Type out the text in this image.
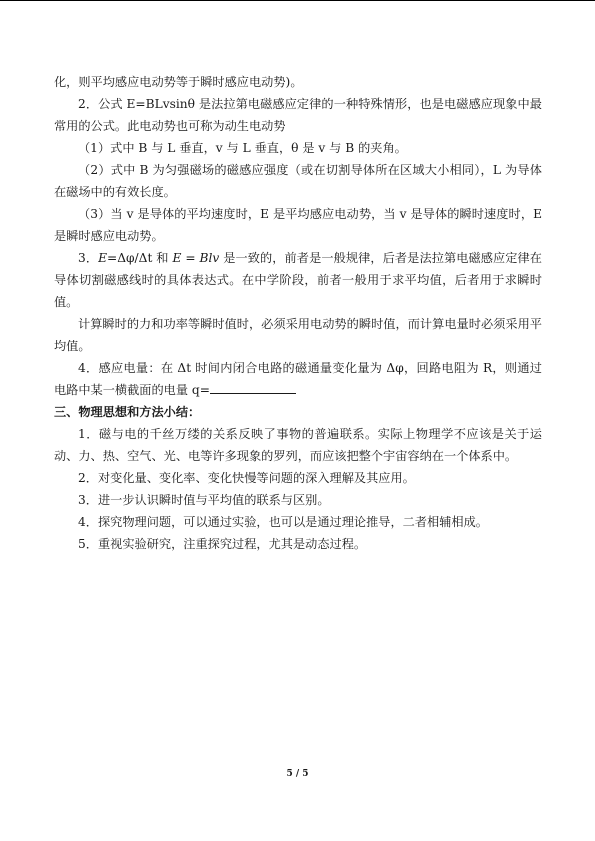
化，则平均感应电动势等于瞬时感应电动势)。

2．公式 E=BLvsinθ 是法拉第电磁感应定律的一种特殊情形，也是电磁感应现象中最常用的公式。此电动势也可称为动生电动势

（1）式中 B 与 L 垂直，v 与 L 垂直，θ 是 v 与 B 的夹角。

（2）式中 B 为匀强磁场的磁感应强度（或在切割导体所在区域大小相同），L 为导体在磁场中的有效长度。

（3）当 v 是导体的平均速度时，E 是平均感应电动势，当 v 是导体的瞬时速度时，E 是瞬时感应电动势。

3．E=Δφ/Δt 和 E = Blv 是一致的，前者是一般规律，后者是法拉第电磁感应定律在导体切割磁感线时的具体表达式。在中学阶段，前者一般用于求平均值，后者用于求瞬时值。

计算瞬时的力和功率等瞬时值时，必须采用电动势的瞬时值，而计算电量时必须采用平均值。

4．感应电量：在 Δt 时间内闭合电路的磁通量变化量为 Δφ，回路电阻为 R，则通过电路中某一横截面的电量 q=

三、物理思想和方法小结：

1．磁与电的千丝万缕的关系反映了事物的普遍联系。实际上物理学不应该是关于运动、力、热、空气、光、电等许多现象的罗列，而应该把整个宇宙容纳在一个体系中。

2．对变化量、变化率、变化快慢等问题的深入理解及其应用。

3．进一步认识瞬时值与平均值的联系与区别。

4．探究物理问题，可以通过实验，也可以是通过理论推导，二者相辅相成。

5．重视实验研究，注重探究过程，尤其是动态过程。

5 / 5
